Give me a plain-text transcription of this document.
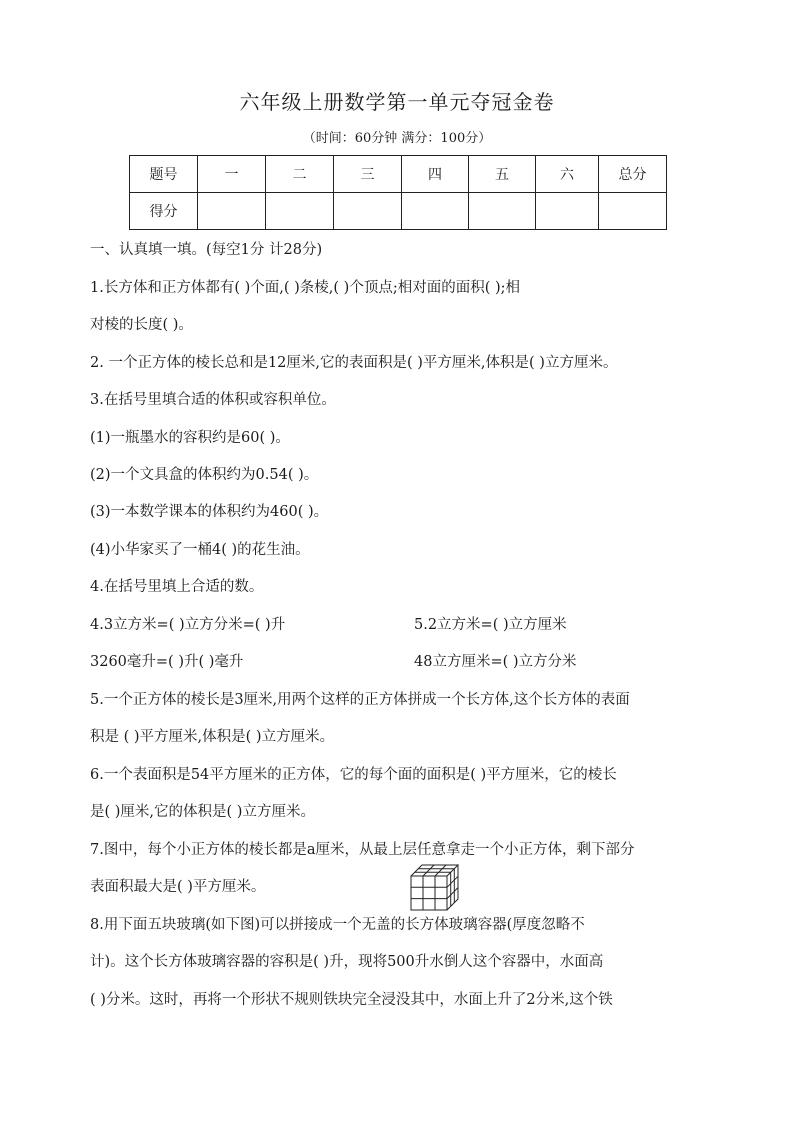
六年级上册数学第一单元夺冠金卷
（时间：60分钟 满分：100分）
题号	一	二	三	四	五	六	总分
得分							
一、认真填一填。(每空1分 计28分)
1.长方体和正方体都有( )个面,( )条棱,( )个顶点;相对面的面积( );相
对棱的长度( )。
2. 一个正方体的棱长总和是12厘米,它的表面积是( )平方厘米,体积是( )立方厘米。
3.在括号里填合适的体积或容积单位。
(1)一瓶墨水的容积约是60( )。
(2)一个文具盒的体积约为0.54( )。
(3)一本数学课本的体积约为460( )。
(4)小华家买了一桶4( )的花生油。
4.在括号里填上合适的数。
4.3立方米=( )立方分米=( )升	5.2立方米=( )立方厘米
3260毫升=( )升( )毫升	48立方厘米=( )立方分米
5.一个正方体的棱长是3厘米,用两个这样的正方体拼成一个长方体,这个长方体的表面
积是 ( )平方厘米,体积是( )立方厘米。
6.一个表面积是54平方厘米的正方体，它的每个面的面积是( )平方厘米，它的棱长
是( )厘米,它的体积是( )立方厘米。
7.图中，每个小正方体的棱长都是a厘米，从最上层任意拿走一个小正方体，剩下部分
表面积最大是( )平方厘米。
8.用下面五块玻璃(如下图)可以拼接成一个无盖的长方体玻璃容器(厚度忽略不
计)。这个长方体玻璃容器的容积是( )升，现将500升水倒人这个容器中，水面高
( )分米。这时，再将一个形状不规则铁块完全浸没其中，水面上升了2分米,这个铁
